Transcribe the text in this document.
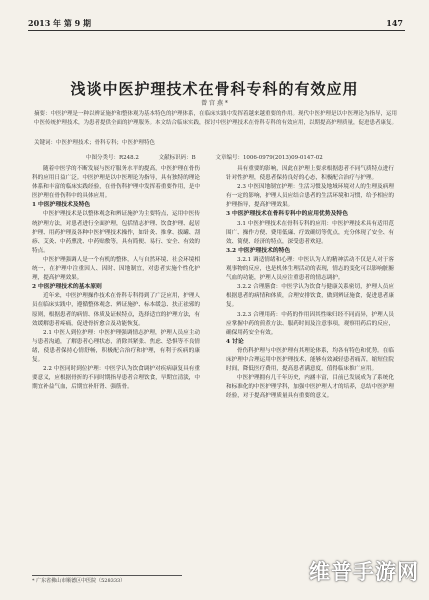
2013 年 第 9 期	147
浅谈中医护理技术在骨科专科的有效应用
曾 宫 燕 *
摘要：中医护理是一种以辨证施护和整体观为基本特色的护理体系，在临床实践中发挥着越来越重要的作用。现代中医护理是以中医理论为指导，运用中医传统护理技术，为患者提供全面的护理服务。本文结合临床实践，探讨中医护理技术在骨科专科的有效应用，以期提高护理质量，促进患者康复。
关键词：中医护理技术；骨科专科；中医护理特色
中图分类号：R248.2	文献标识码：B	文章编号：1006-0979(2013)09-0147-02

随着中医学的不断发展与医疗服务水平的提高，中医护理在骨伤科的应用日益广泛。中医护理是以中医理论为指导，具有独特的理论体系和丰富的临床实践经验，在骨伤科护理中发挥着重要作用，是中医护理在骨伤科中的具体应用。

1 中医护理技术及特色

中医护理技术是以整体观念和辨证施护为主要特点，运用中医传统护理方法，对患者进行全面护理，包括情志护理、饮食护理、起居护理、用药护理及各种中医护理技术操作，如针灸、推拿、拔罐、刮痧、艾灸、中药熏洗、中药贴敷等，具有简便、易行、安全、有效的特点。

中医护理强调人是一个有机的整体，人与自然环境、社会环境相统一，在护理中注重因人、因时、因地制宜，对患者实施个性化护理，提高护理效果。

2 中医护理技术的基本原则

近年来，中医护理操作技术在骨科专科得到了广泛应用，护理人员在临床实践中，遵循整体观念、辨证施护、标本缓急、扶正祛邪的原则，根据患者的病情、体质及证候特点，选择适宜的护理方法，有效缓解患者疼痛，促进骨折愈合及功能恢复。

2.1 中医人到位护理：中医护理强调情志护理，护理人员应主动与患者沟通，了解患者心理状态，消除其紧张、焦虑、恐惧等不良情绪，使患者保持心情舒畅，积极配合治疗和护理，有利于疾病的康复。

2.2 中医同时到位护理：中医学认为饮食调护对疾病康复具有重要意义，应根据骨折的不同时期指导患者合理饮食，早期宜清淡，中期宜补益气血，后期宜补肝肾、强筋骨。

具有重要的影响，因此在护理上要求根据患者不同气质特点进行针对性护理，使患者保持良好的心态，积极配合治疗与护理。

2.3 中医因地制宜护理：生活习惯及地域环境对人的生理及病理有一定的影响，护理人员应结合患者的生活环境和习惯，给予相应的护理指导，提高护理效果。

3 中医护理技术在骨科专科中的应用优势及特色

3.1 中医护理技术在骨科专科的应用：中医护理技术具有适用范围广、操作方便、费用低廉、疗效确切等优点，充分体现了安全、有效、简便、经济的特点，深受患者欢迎。

3.2 中医护理技术的特色

3.2.1 调适情绪和心理：中医认为人的精神活动不仅是人对于客观事物的反应，也是机体生理活动的表现，情志的变化可以影响脏腑气血的功能，护理人员应注重患者的情志调护。

3.2.2 合理膳食：中医学认为饮食与健康关系密切，护理人员应根据患者的病情和体质，合理安排饮食，做到辨证施食，促进患者康复。

3.2.3 合理用药：中药的作用因其性味归经不同而异，护理人员应掌握中药的煎煮方法、服药时间及注意事项，观察用药后的反应，确保用药安全有效。

4 讨论

骨伤科护理与中医护理有其理论体系，均各有特色和优势。在临床护理中合理运用中医护理技术，能够有效减轻患者痛苦，缩短住院时间，降低医疗费用，提高患者满意度，值得临床推广应用。

中医护理拥有几千年历史，内涵丰富，目前已发展成为了系统化和标准化的中医护理学科，加强中医护理人才的培养，总结中医护理经验，对于提高护理质量具有重要的意义。

* 广东省佛山市顺德区中医院（528333）	维普手游网
